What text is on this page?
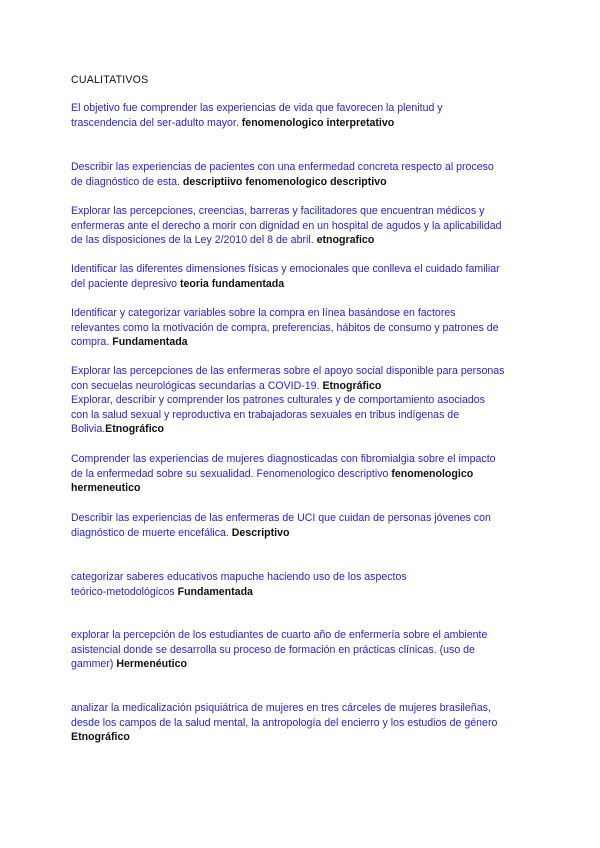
CUALITATIVOS
El objetivo fue comprender las experiencias de vida que favorecen la plenitud y
trascendencia del ser-adulto mayor. fenomenologico interpretativo
Describir las experiencias de pacientes con una enfermedad concreta respecto al proceso
de diagnóstico de esta. descriptiivo fenomenologico descriptivo
Explorar las percepciones, creencias, barreras y facilitadores que encuentran médicos y
enfermeras ante el derecho a morir con dignidad en un hospital de agudos y la aplicabilidad
de las disposiciones de la Ley 2/2010 del 8 de abril. etnografico
Identificar las diferentes dimensiones físicas y emocionales que conlleva el cuidado familiar
del paciente depresivo teoria fundamentada
Identificar y categorizar variables sobre la compra en línea basándose en factores
relevantes como la motivación de compra, preferencias, hábitos de consumo y patrones de
compra. Fundamentada
Explorar las percepciones de las enfermeras sobre el apoyo social disponible para personas
con secuelas neurológicas secundarias a COVID-19. Etnográfico
Explorar, describir y comprender los patrones culturales y de comportamiento asociados
con la salud sexual y reproductiva en trabajadoras sexuales en tribus indígenas de
Bolivia.Etnográfico
Comprender las experiencias de mujeres diagnosticadas con fibromialgia sobre el impacto
de la enfermedad sobre su sexualidad. Fenomenologico descriptivo fenomenologico
hermeneutico
Describir las experiencias de las enfermeras de UCI que cuidan de personas jóvenes con
diagnóstico de muerte encefálica. Descriptivo
categorizar saberes educativos mapuche haciendo uso de los aspectos
teórico-metodológicos Fundamentada
explorar la percepción de los estudiantes de cuarto año de enfermería sobre el ambiente
asistencial donde se desarrolla su proceso de formación en prácticas clínicas. (uso de
gammer) Hermenéutico
analizar la medicalización psiquiátrica de mujeres en tres cárceles de mujeres brasileñas,
desde los campos de la salud mental, la antropología del encierro y los estudios de género
Etnográfico
